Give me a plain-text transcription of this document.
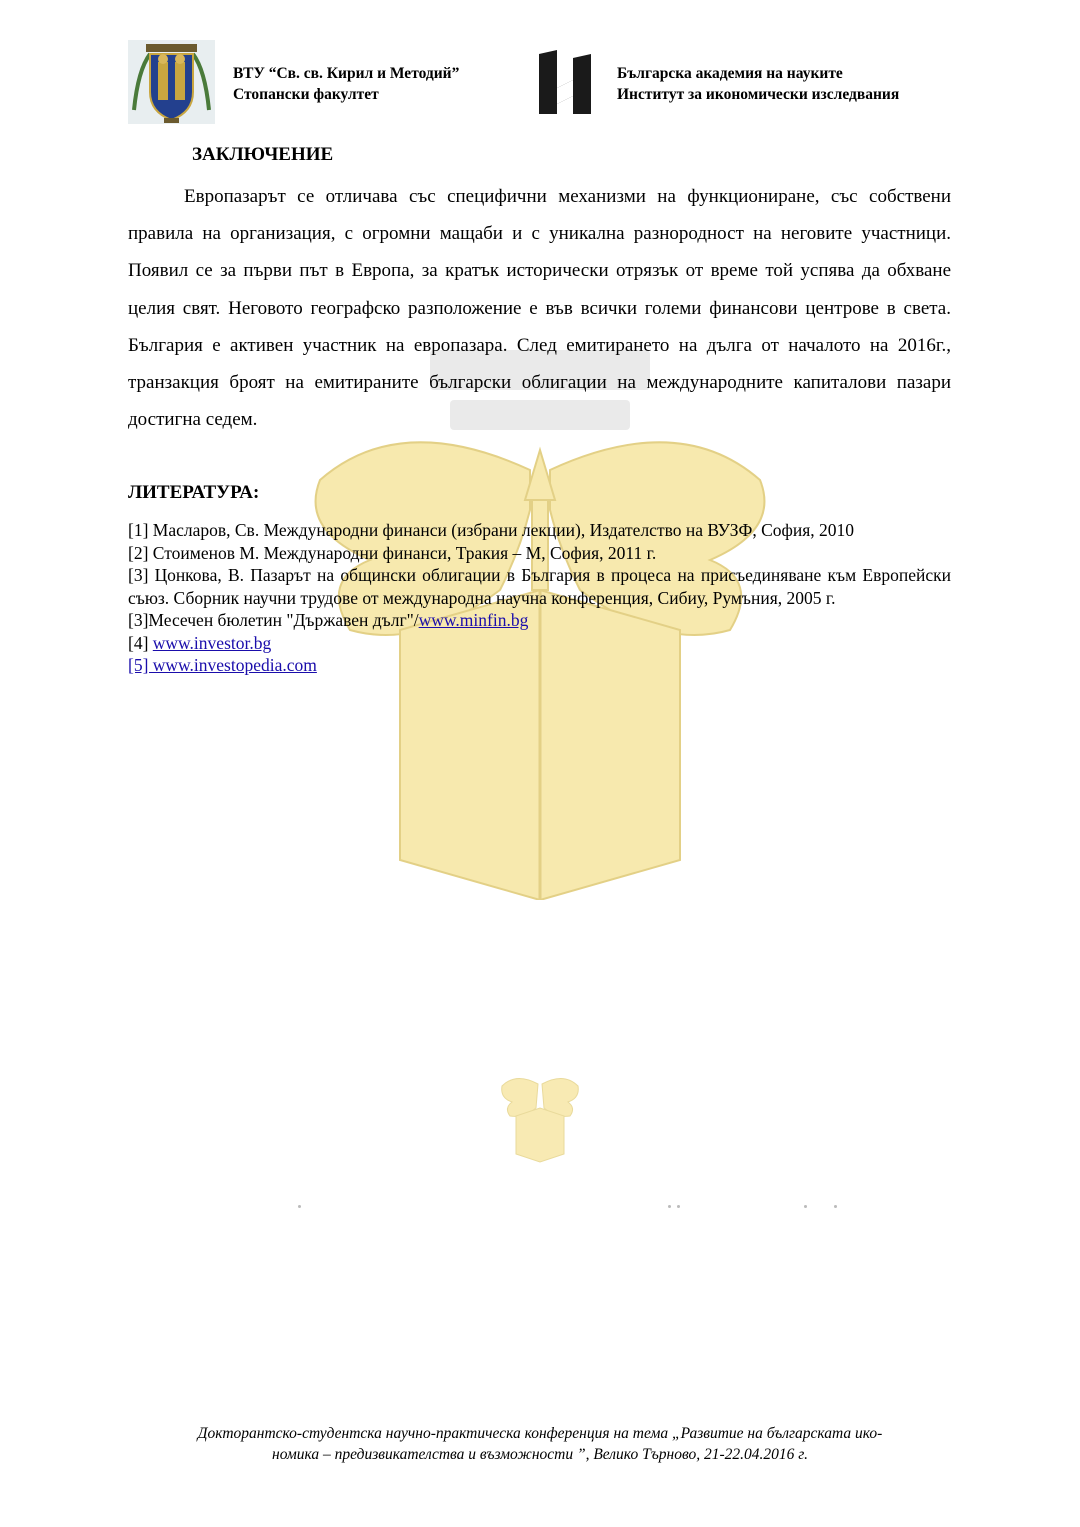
ВТУ “Св. св. Кирил и Методий”
Стопански факултет
Българска академия на науките
Институт за икономически изследвания
ЗАКЛЮЧЕНИЕ
Европазарът се отличава със специфични механизми на функциониране, със собствени правила на организация, с огромни мащаби и с уникална разнородност на неговите участници. Появил се за първи път в Европа, за кратък исторически отрязък от време той успява да обхване целия свят. Неговото географско разположение е във всички големи финансови центрове в света. България е активен участник на европазара. След емитирането на дълга от началото на 2016г., транзакция броят на емитираните български облигации на международните капиталови пазари достигна седем.
ЛИТЕРАТУРА:

[1] Масларов, Св. Международни финанси (избрани лекции), Издателство на ВУЗФ, София, 2010

[2] Стоименов М. Международни финанси, Тракия – М, София, 2011 г.

[3] Цонкова, В. Пазарът на общински облигации в България в процеса на присъединяване към Европейски съюз. Сборник научни трудове от международна научна конференция, Сибиу, Румъния, 2005 г.

[3]Месечен бюлетин "Държавен дълг"/www.minfin.bg

[4] www.investor.bg

[5] www.investopedia.com

Докторантско-студентска научно-практическа конференция на тема „Развитие на българската ико-
номика – предизвикателства и възможности ”, Велико Търново, 21-22.04.2016 г.
